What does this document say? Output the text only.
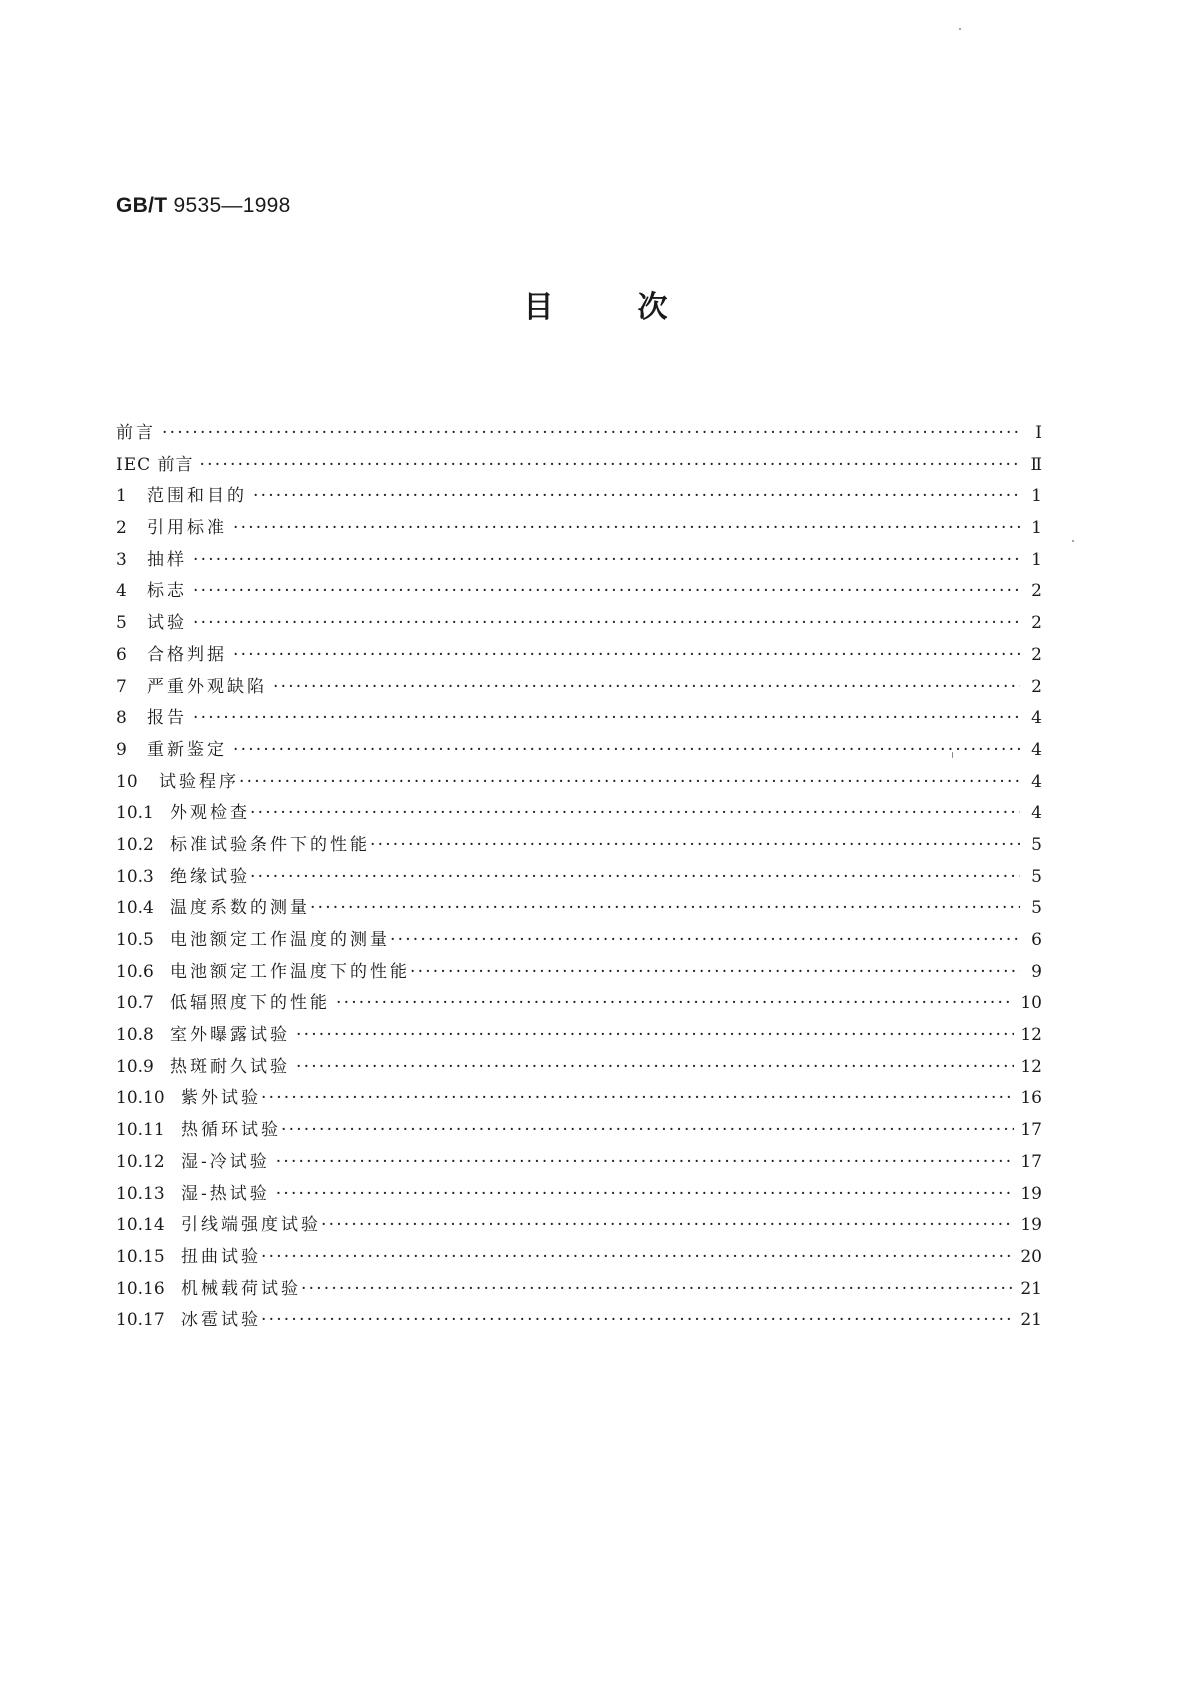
GB/T 9535—1998
目次
前言 ·····	Ⅰ
IEC 前言 ·····	Ⅱ
1	范围和目的 ·····	1
2	引用标准 ·····	1
3	抽样 ·····	1
4	标志 ·····	2
5	试验 ·····	2
6	合格判据 ·····	2
7	严重外观缺陷 ·····	2
8	报告 ·····	4
9	重新鉴定 ·····	4
10	试验程序 ·····	4
10.1 外观检查 ·····	4
10.2 标准试验条件下的性能 ·····	5
10.3 绝缘试验 ·····	5
10.4 温度系数的测量 ·····	5
10.5 电池额定工作温度的测量 ·····	6
10.6 电池额定工作温度下的性能 ·····	9
10.7 低辐照度下的性能 ·····	10
10.8 室外曝露试验 ·····	12
10.9 热斑耐久试验 ·····	12
10.10 紫外试验 ·····	16
10.11 热循环试验 ·····	17
10.12 湿-冷试验 ·····	17
10.13 湿-热试验 ·····	19
10.14 引线端强度试验 ·····	19
10.15 扭曲试验 ·····	20
10.16 机械载荷试验 ·····	21
10.17 冰雹试验 ·····	21
